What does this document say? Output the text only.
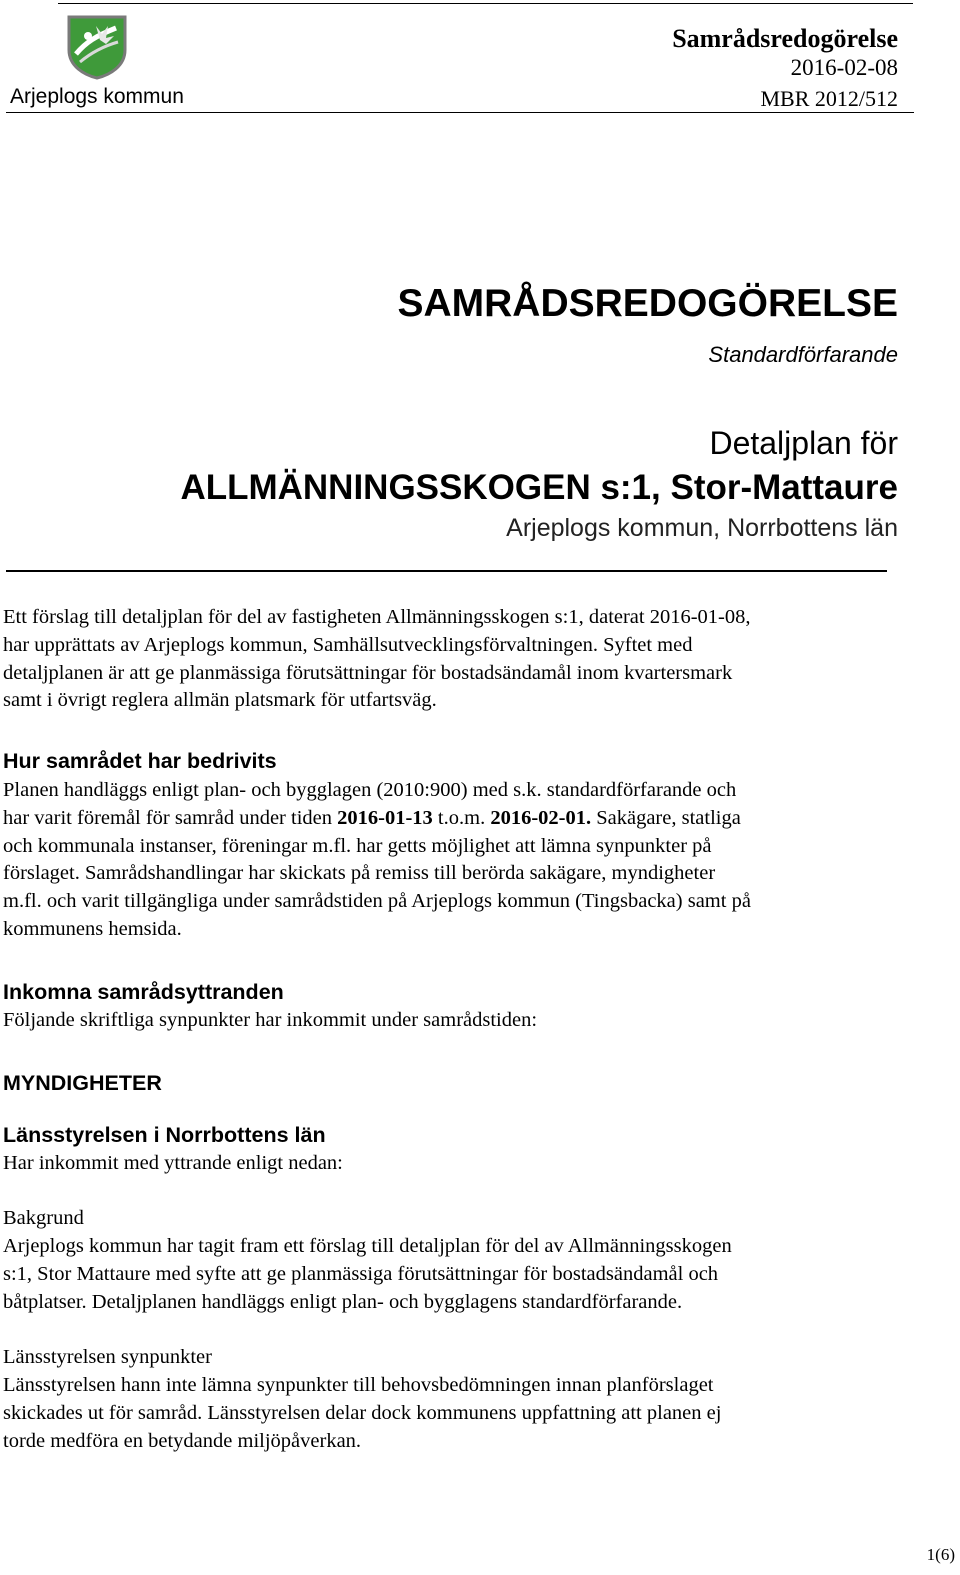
Arjeplogs kommun
Samrådsredogörelse
2016-02-08
MBR 2012/512
SAMRÅDSREDOGÖRELSE
Standardförfarande
Detaljplan för
ALLMÄNNINGSSKOGEN s:1, Stor-Mattaure
Arjeplogs kommun, Norrbottens län
Ett förslag till detaljplan för del av fastigheten Allmänningsskogen s:1, daterat 2016-01-08,
har upprättats av Arjeplogs kommun, Samhällsutvecklingsförvaltningen. Syftet med
detaljplanen är att ge planmässiga förutsättningar för bostadsändamål inom kvartersmark
samt i övrigt reglera allmän platsmark för utfartsväg.
Hur samrådet har bedrivits
Planen handläggs enligt plan- och bygglagen (2010:900) med s.k. standardförfarande och
har varit föremål för samråd under tiden 2016-01-13 t.o.m. 2016-02-01. Sakägare, statliga
och kommunala instanser, föreningar m.fl. har getts möjlighet att lämna synpunkter på
förslaget. Samrådshandlingar har skickats på remiss till berörda sakägare, myndigheter
m.fl. och varit tillgängliga under samrådstiden på Arjeplogs kommun (Tingsbacka) samt på
kommunens hemsida.
Inkomna samrådsyttranden
Följande skriftliga synpunkter har inkommit under samrådstiden:
MYNDIGHETER
Länsstyrelsen i Norrbottens län
Har inkommit med yttrande enligt nedan:
Bakgrund
Arjeplogs kommun har tagit fram ett förslag till detaljplan för del av Allmänningsskogen
s:1, Stor Mattaure med syfte att ge planmässiga förutsättningar för bostadsändamål och
båtplatser. Detaljplanen handläggs enligt plan- och bygglagens standardförfarande.
Länsstyrelsen synpunkter
Länsstyrelsen hann inte lämna synpunkter till behovsbedömningen innan planförslaget
skickades ut för samråd. Länsstyrelsen delar dock kommunens uppfattning att planen ej
torde medföra en betydande miljöpåverkan.
1(6)
